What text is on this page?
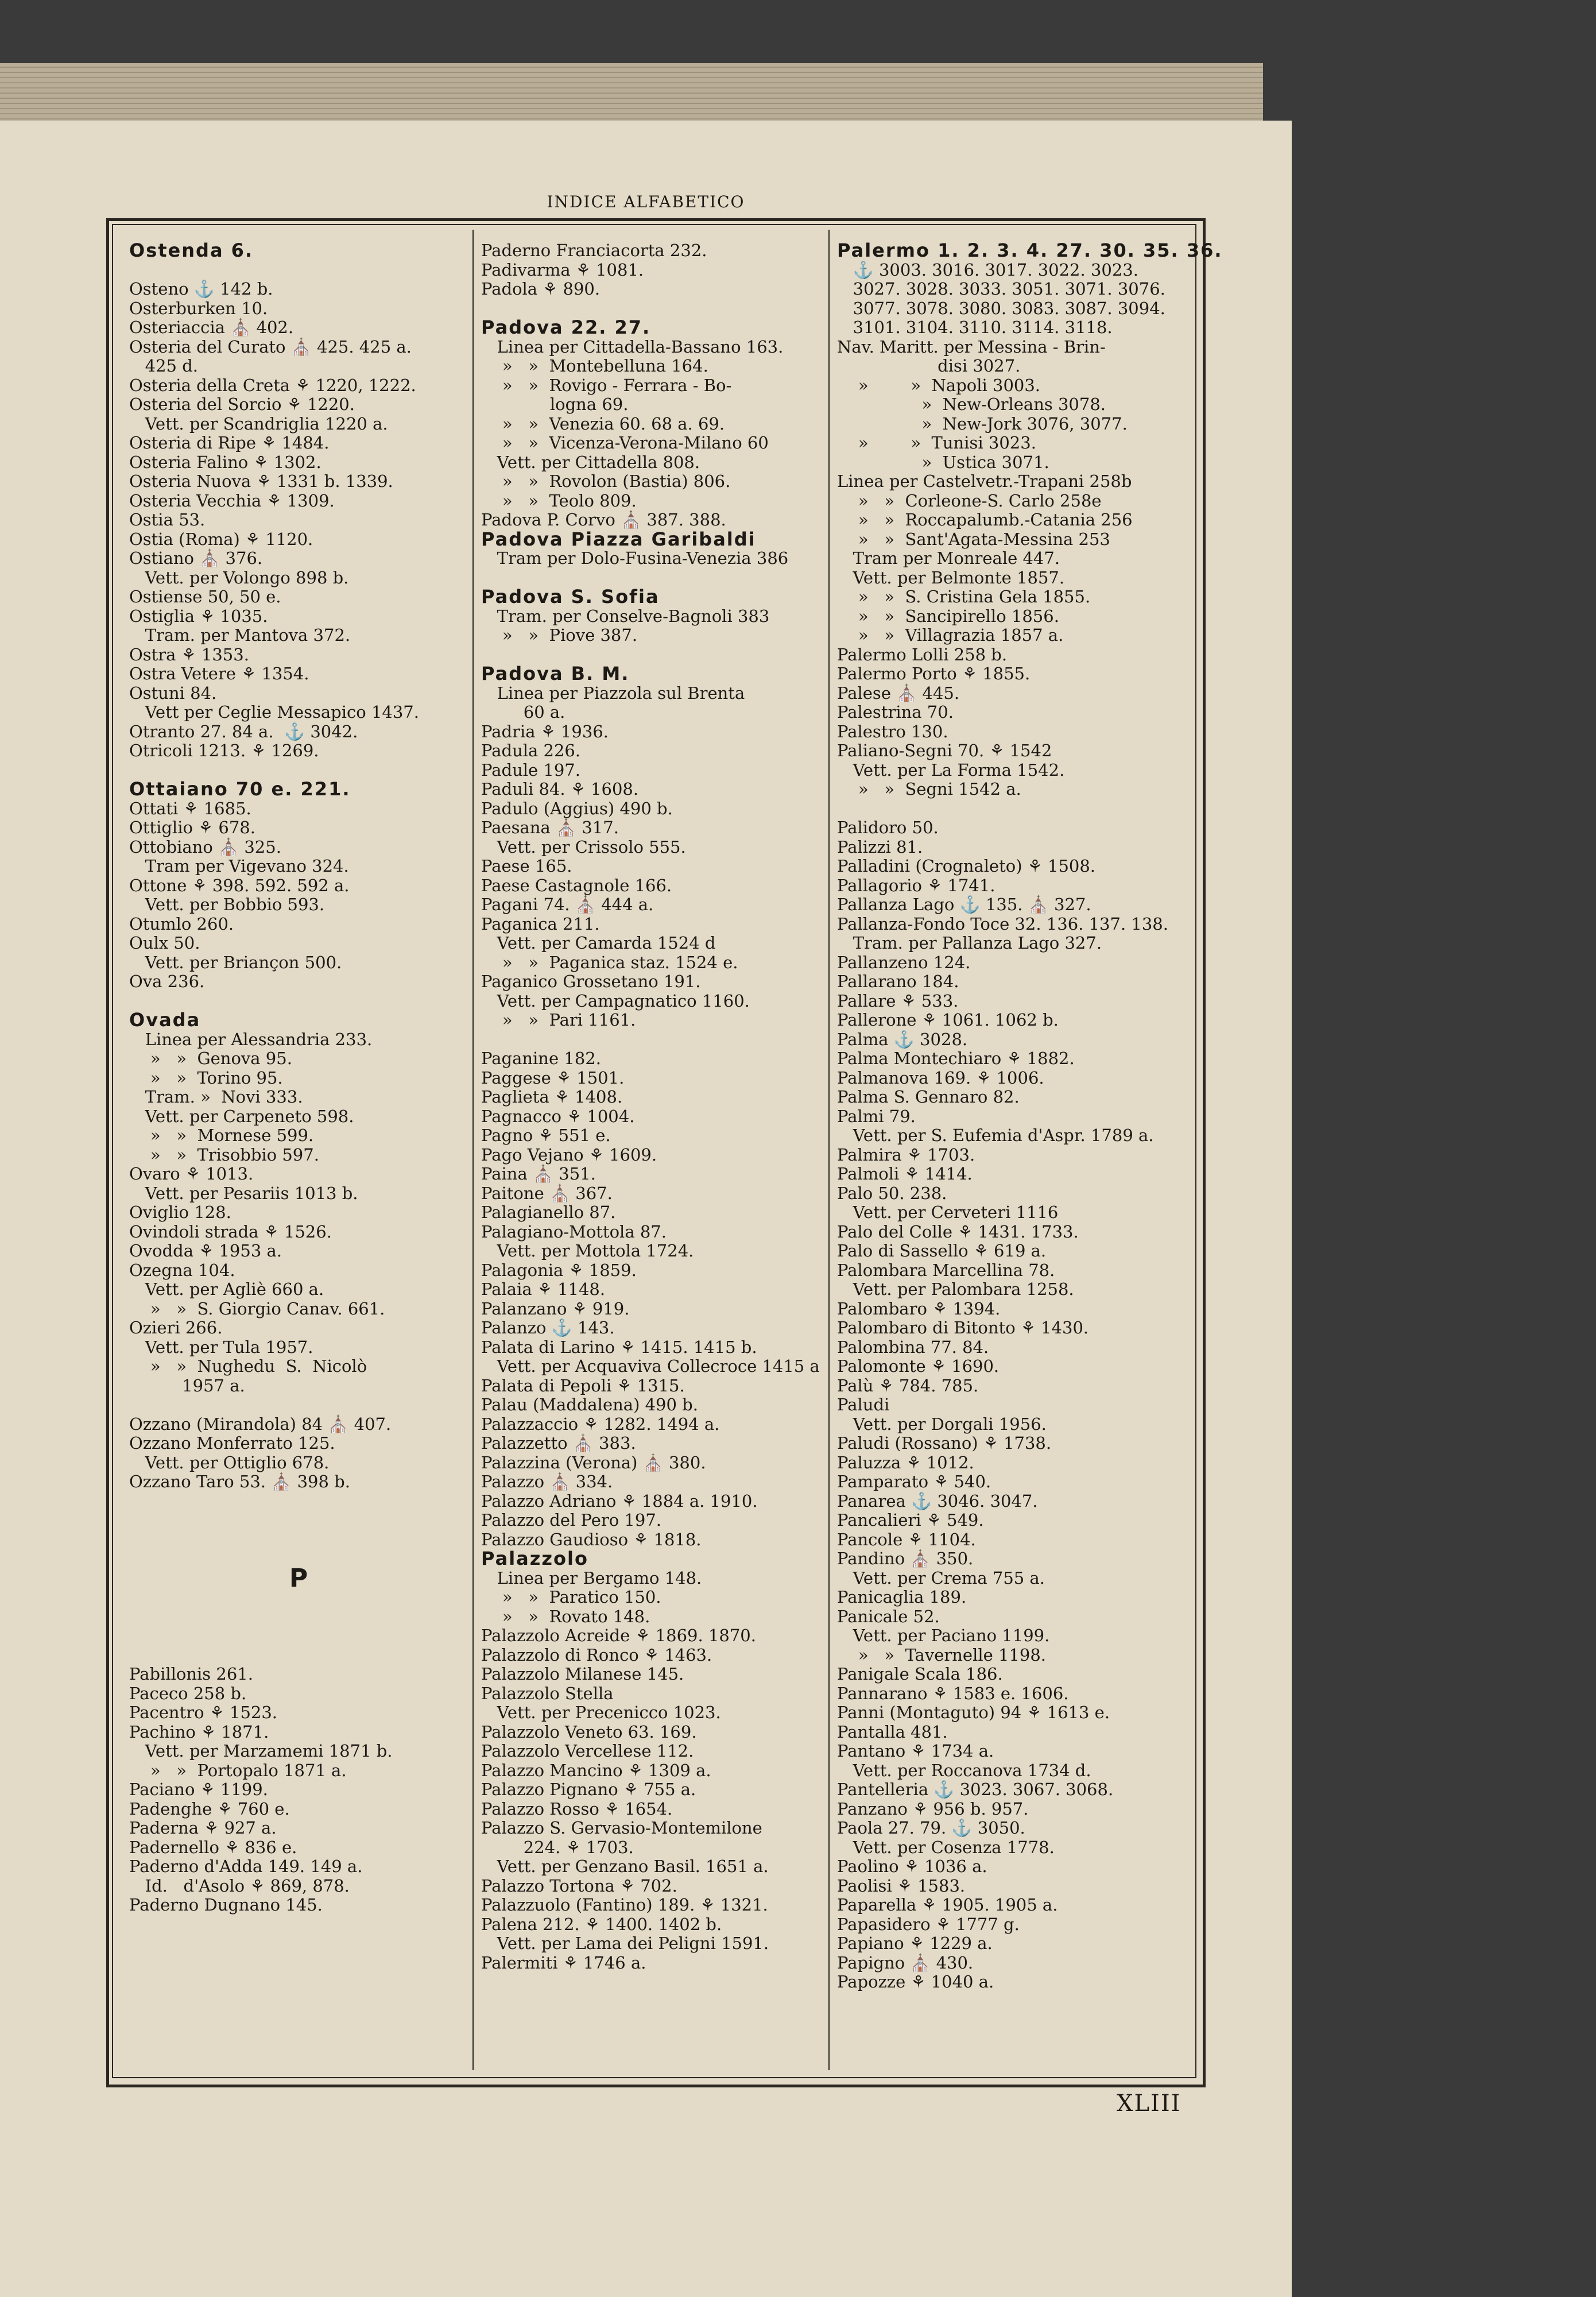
INDICE ALFABETICO
Ostenda 6.
Osteno ⚓ 142 b.
Osterburken 10.
Osteriaccia ⛪ 402.
Osteria del Curato ⛪ 425. 425 a.
425 d.
Osteria della Creta ⚘ 1220, 1222.
Osteria del Sorcio ⚘ 1220.
Vett. per Scandriglia 1220 a.
Osteria di Ripe ⚘ 1484.
Osteria Falino ⚘ 1302.
Osteria Nuova ⚘ 1331 b. 1339.
Osteria Vecchia ⚘ 1309.
Ostia 53.
Ostia (Roma) ⚘ 1120.
Ostiano ⛪ 376.
Vett. per Volongo 898 b.
Ostiense 50, 50 e.
Ostiglia ⚘ 1035.
Tram. per Mantova 372.
Ostra ⚘ 1353.
Ostra Vetere ⚘ 1354.
Ostuni 84.
Vett per Ceglie Messapico 1437.
Otranto 27. 84 a.  ⚓ 3042.
Otricoli 1213. ⚘ 1269.
Ottaiano 70 e. 221.
Ottati ⚘ 1685.
Ottiglio ⚘ 678.
Ottobiano ⛪ 325.
Tram per Vigevano 324.
Ottone ⚘ 398. 592. 592 a.
Vett. per Bobbio 593.
Otumlo 260.
Oulx 50.
Vett. per Briançon 500.
Ova 236.
Ovada
Linea per Alessandria 233.
»   »  Genova 95.
»   »  Torino 95.
Tram. »  Novi 333.
Vett. per Carpeneto 598.
»   »  Mornese 599.
»   »  Trisobbio 597.
Ovaro ⚘ 1013.
Vett. per Pesariis 1013 b.
Oviglio 128.
Ovindoli strada ⚘ 1526.
Ovodda ⚘ 1953 a.
Ozegna 104.
Vett. per Agliè 660 a.
»   »  S. Giorgio Canav. 661.
Ozieri 266.
Vett. per Tula 1957.
»   »  Nughedu  S.  Nicolò
1957 a.
Ozzano (Mirandola) 84 ⛪ 407.
Ozzano Monferrato 125.
Vett. per Ottiglio 678.
Ozzano Taro 53. ⛪ 398 b.
P
Pabillonis 261.
Paceco 258 b.
Pacentro ⚘ 1523.
Pachino ⚘ 1871.
Vett. per Marzamemi 1871 b.
»   »  Portopalo 1871 a.
Paciano ⚘ 1199.
Padenghe ⚘ 760 e.
Paderna ⚘ 927 a.
Padernello ⚘ 836 e.
Paderno d'Adda 149. 149 a.
Id.   d'Asolo ⚘ 869, 878.
Paderno Dugnano 145.
Paderno Franciacorta 232.
Padivarma ⚘ 1081.
Padola ⚘ 890.
Padova 22. 27.
Linea per Cittadella-Bassano 163.
»   »  Montebelluna 164.
»   »  Rovigo - Ferrara - Bo-
logna 69.
»   »  Venezia 60. 68 a. 69.
»   »  Vicenza-Verona-Milano 60
Vett. per Cittadella 808.
»   »  Rovolon (Bastia) 806.
»   »  Teolo 809.
Padova P. Corvo ⛪ 387. 388.
Padova Piazza Garibaldi
Tram per Dolo-Fusina-Venezia 386
Padova S. Sofia
Tram. per Conselve-Bagnoli 383
»   »  Piove 387.
Padova B. M.
Linea per Piazzola sul Brenta
60 a.
Padria ⚘ 1936.
Padula 226.
Padule 197.
Paduli 84. ⚘ 1608.
Padulo (Aggius) 490 b.
Paesana ⛪ 317.
Vett. per Crissolo 555.
Paese 165.
Paese Castagnole 166.
Pagani 74. ⛪ 444 a.
Paganica 211.
Vett. per Camarda 1524 d
»   »  Paganica staz. 1524 e.
Paganico Grossetano 191.
Vett. per Campagnatico 1160.
»   »  Pari 1161.
Paganine 182.
Paggese ⚘ 1501.
Paglieta ⚘ 1408.
Pagnacco ⚘ 1004.
Pagno ⚘ 551 e.
Pago Vejano ⚘ 1609.
Paina ⛪ 351.
Paitone ⛪ 367.
Palagianello 87.
Palagiano-Mottola 87.
Vett. per Mottola 1724.
Palagonia ⚘ 1859.
Palaia ⚘ 1148.
Palanzano ⚘ 919.
Palanzo ⚓ 143.
Palata di Larino ⚘ 1415. 1415 b.
Vett. per Acquaviva Collecroce 1415 a
Palata di Pepoli ⚘ 1315.
Palau (Maddalena) 490 b.
Palazzaccio ⚘ 1282. 1494 a.
Palazzetto ⛪ 383.
Palazzina (Verona) ⛪ 380.
Palazzo ⛪ 334.
Palazzo Adriano ⚘ 1884 a. 1910.
Palazzo del Pero 197.
Palazzo Gaudioso ⚘ 1818.
Palazzolo
Linea per Bergamo 148.
»   »  Paratico 150.
»   »  Rovato 148.
Palazzolo Acreide ⚘ 1869. 1870.
Palazzolo di Ronco ⚘ 1463.
Palazzolo Milanese 145.
Palazzolo Stella
Vett. per Precenicco 1023.
Palazzolo Veneto 63. 169.
Palazzolo Vercellese 112.
Palazzo Mancino ⚘ 1309 a.
Palazzo Pignano ⚘ 755 a.
Palazzo Rosso ⚘ 1654.
Palazzo S. Gervasio-Montemilone
224. ⚘ 1703.
Vett. per Genzano Basil. 1651 a.
Palazzo Tortona ⚘ 702.
Palazzuolo (Fantino) 189. ⚘ 1321.
Palena 212. ⚘ 1400. 1402 b.
Vett. per Lama dei Peligni 1591.
Palermiti ⚘ 1746 a.
Palermo 1. 2. 3. 4. 27. 30. 35. 36.
⚓ 3003. 3016. 3017. 3022. 3023.
3027. 3028. 3033. 3051. 3071. 3076.
3077. 3078. 3080. 3083. 3087. 3094.
3101. 3104. 3110. 3114. 3118.
Nav. Maritt. per Messina - Brin-
disi 3027.
»        »  Napoli 3003.
»  New-Orleans 3078.
»  New-Jork 3076, 3077.
»        »  Tunisi 3023.
»  Ustica 3071.
Linea per Castelvetr.-Trapani 258b
»   »  Corleone-S. Carlo 258e
»   »  Roccapalumb.-Catania 256
»   »  Sant'Agata-Messina 253
Tram per Monreale 447.
Vett. per Belmonte 1857.
»   »  S. Cristina Gela 1855.
»   »  Sancipirello 1856.
»   »  Villagrazia 1857 a.
Palermo Lolli 258 b.
Palermo Porto ⚘ 1855.
Palese ⛪ 445.
Palestrina 70.
Palestro 130.
Paliano-Segni 70. ⚘ 1542
Vett. per La Forma 1542.
»   »  Segni 1542 a.
Palidoro 50.
Palizzi 81.
Palladini (Crognaleto) ⚘ 1508.
Pallagorio ⚘ 1741.
Pallanza Lago ⚓ 135. ⛪ 327.
Pallanza-Fondo Toce 32. 136. 137. 138.
Tram. per Pallanza Lago 327.
Pallanzeno 124.
Pallarano 184.
Pallare ⚘ 533.
Pallerone ⚘ 1061. 1062 b.
Palma ⚓ 3028.
Palma Montechiaro ⚘ 1882.
Palmanova 169. ⚘ 1006.
Palma S. Gennaro 82.
Palmi 79.
Vett. per S. Eufemia d'Aspr. 1789 a.
Palmira ⚘ 1703.
Palmoli ⚘ 1414.
Palo 50. 238.
Vett. per Cerveteri 1116
Palo del Colle ⚘ 1431. 1733.
Palo di Sassello ⚘ 619 a.
Palombara Marcellina 78.
Vett. per Palombara 1258.
Palombaro ⚘ 1394.
Palombaro di Bitonto ⚘ 1430.
Palombina 77. 84.
Palomonte ⚘ 1690.
Palù ⚘ 784. 785.
Paludi
Vett. per Dorgali 1956.
Paludi (Rossano) ⚘ 1738.
Paluzza ⚘ 1012.
Pamparato ⚘ 540.
Panarea ⚓ 3046. 3047.
Pancalieri ⚘ 549.
Pancole ⚘ 1104.
Pandino ⛪ 350.
Vett. per Crema 755 a.
Panicaglia 189.
Panicale 52.
Vett. per Paciano 1199.
»   »  Tavernelle 1198.
Panigale Scala 186.
Pannarano ⚘ 1583 e. 1606.
Panni (Montaguto) 94 ⚘ 1613 e.
Pantalla 481.
Pantano ⚘ 1734 a.
Vett. per Roccanova 1734 d.
Pantelleria ⚓ 3023. 3067. 3068.
Panzano ⚘ 956 b. 957.
Paola 27. 79. ⚓ 3050.
Vett. per Cosenza 1778.
Paolino ⚘ 1036 a.
Paolisi ⚘ 1583.
Paparella ⚘ 1905. 1905 a.
Papasidero ⚘ 1777 g.
Papiano ⚘ 1229 a.
Papigno ⛪ 430.
Papozze ⚘ 1040 a.
XLIII
